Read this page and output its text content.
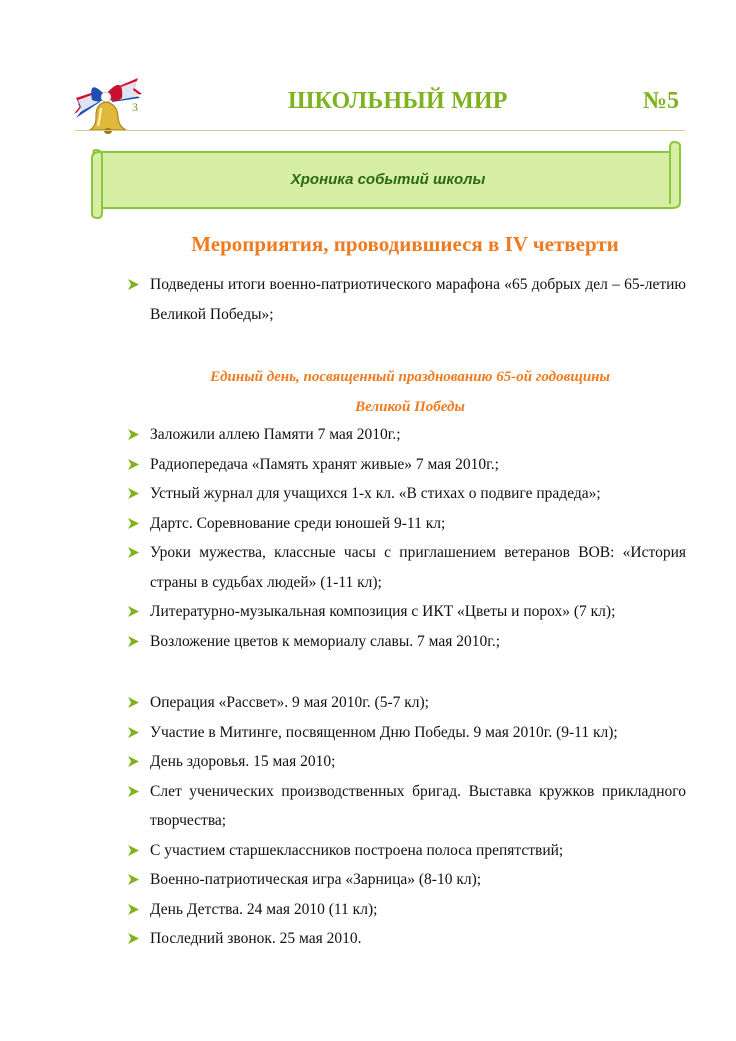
3	ШКОЛЬНЫЙ МИР	№5
Хроника событий школы
Мероприятия, проводившиеся в IV четверти
Подведены итоги военно-патриотического марафона «65 добрых дел – 65-летию Великой Победы»;
Единый день, посвященный празднованию 65-ой годовщины
Великой Победы
Заложили аллею Памяти 7 мая 2010г.;
Радиопередача «Память хранят живые» 7 мая 2010г.;
Устный журнал для учащихся 1-х кл. «В стихах о подвиге прадеда»;
Дартс. Соревнование среди юношей 9-11 кл;
Уроки мужества, классные часы с приглашением ветеранов ВОВ: «История страны в судьбах людей» (1-11 кл);
Литературно-музыкальная композиция с ИКТ «Цветы и порох» (7 кл);
Возложение цветов к мемориалу славы. 7 мая 2010г.;
Операция «Рассвет». 9 мая 2010г. (5-7 кл);
Участие в Митинге, посвященном Дню Победы. 9 мая 2010г. (9-11 кл);
День здоровья. 15 мая 2010;
Слет ученических производственных бригад. Выставка кружков прикладного творчества;
С участием старшеклассников построена полоса препятствий;
Военно-патриотическая игра «Зарница» (8-10 кл);
День Детства. 24 мая 2010 (11 кл);
Последний звонок. 25 мая 2010.
